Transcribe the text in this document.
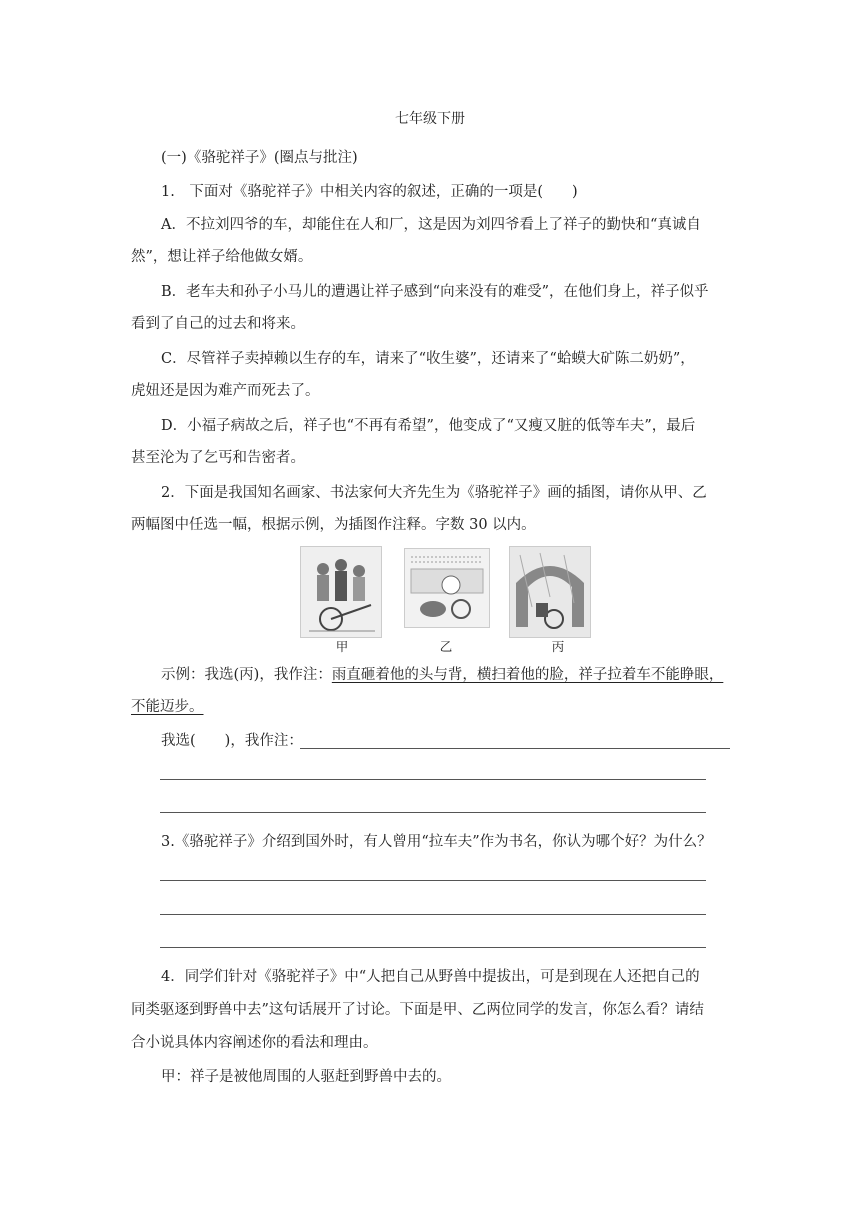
七年级下册
(一)《骆驼祥子》(圈点与批注)
1.　下面对《骆驼祥子》中相关内容的叙述，正确的一项是(　　)
A．不拉刘四爷的车，却能住在人和厂，这是因为刘四爷看上了祥子的勤快和“真诚自
然”，想让祥子给他做女婿。
B．老车夫和孙子小马儿的遭遇让祥子感到“向来没有的难受”，在他们身上，祥子似乎
看到了自己的过去和将来。
C．尽管祥子卖掉赖以生存的车，请来了“收生婆”，还请来了“蛤蟆大矿陈二奶奶”，
虎妞还是因为难产而死去了。
D．小福子病故之后，祥子也“不再有希望”，他变成了“又瘦又脏的低等车夫”，最后
甚至沦为了乞丐和告密者。
2．下面是我国知名画家、书法家何大齐先生为《骆驼祥子》画的插图，请你从甲、乙
两幅图中任选一幅，根据示例，为插图作注释。字数 30 以内。
甲	乙	丙
示例：我选(丙)，我作注：雨直砸着他的头与背，横扫着他的脸，祥子拉着车不能睁眼，
不能迈步。
我选(　　)，我作注：
3.《骆驼祥子》介绍到国外时，有人曾用“拉车夫”作为书名，你认为哪个好？为什么？
4．同学们针对《骆驼祥子》中“人把自己从野兽中提拔出，可是到现在人还把自己的
同类驱逐到野兽中去”这句话展开了讨论。下面是甲、乙两位同学的发言，你怎么看？请结
合小说具体内容阐述你的看法和理由。
甲：祥子是被他周围的人驱赶到野兽中去的。
